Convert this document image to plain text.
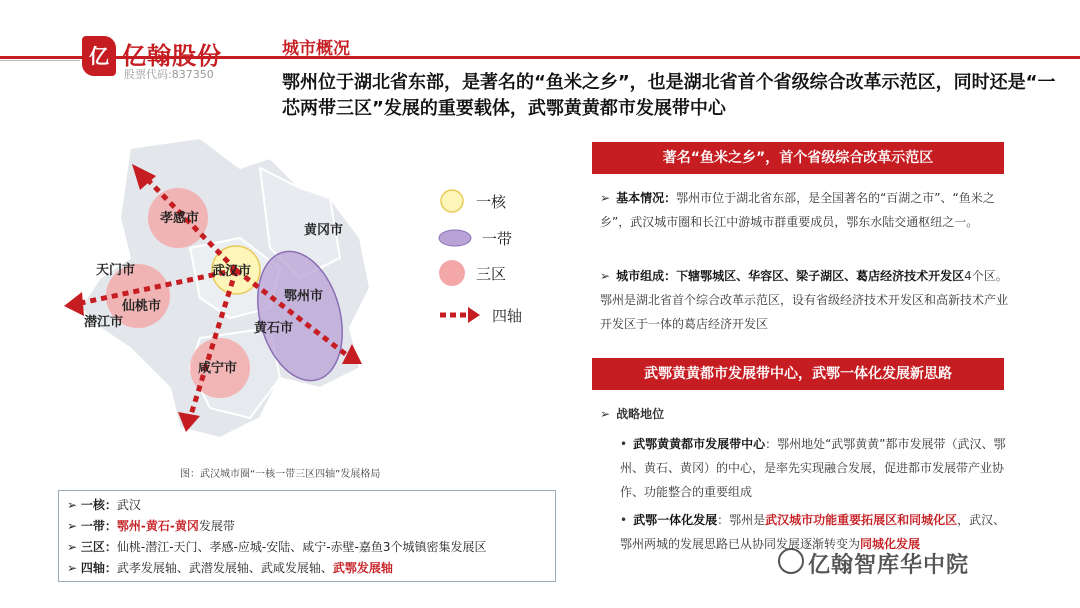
亿 亿翰股份
股票代码:837350
城市概况
鄂州位于湖北省东部，是著名的“鱼米之乡”，也是湖北省首个省级综合改革示范区，同时还是“一芯两带三区”发展的重要载体，武鄂黄黄都市发展带中心
孝感市
武汉市
黄冈市
天门市
仙桃市
潜江市
鄂州市
黄石市
咸宁市
图：武汉城市圈“一核一带三区四轴”发展格局
一核
一带
三区
四轴
➢ 一核：武汉
➢ 一带：鄂州-黄石-黄冈发展带
➢ 三区：仙桃-潜江-天门、孝感-应城-安陆、咸宁-赤壁-嘉鱼3个城镇密集发展区
➢ 四轴：武孝发展轴、武潜发展轴、武咸发展轴、武鄂发展轴
著名“鱼米之乡”，首个省级综合改革示范区
➢ 基本情况：鄂州市位于湖北省东部，是全国著名的“百湖之市”、“鱼米之乡”，武汉城市圈和长江中游城市群重要成员，鄂东水陆交通枢纽之一。
➢ 城市组成：下辖鄂城区、华容区、梁子湖区、葛店经济技术开发区4个区。鄂州是湖北省首个综合改革示范区，设有省级经济技术开发区和高新技术产业开发区于一体的葛店经济开发区
武鄂黄黄都市发展带中心，武鄂一体化发展新思路
➢ 战略地位
• 武鄂黄黄都市发展带中心：鄂州地处“武鄂黄黄”都市发展带（武汉、鄂州、黄石、黄冈）的中心，是率先实现融合发展，促进都市发展带产业协作、功能整合的重要组成
• 武鄂一体化发展：鄂州是武汉城市功能重要拓展区和同城化区，武汉、鄂州两城的发展思路已从协同发展逐渐转变为同城化发展
亿翰智库华中院
